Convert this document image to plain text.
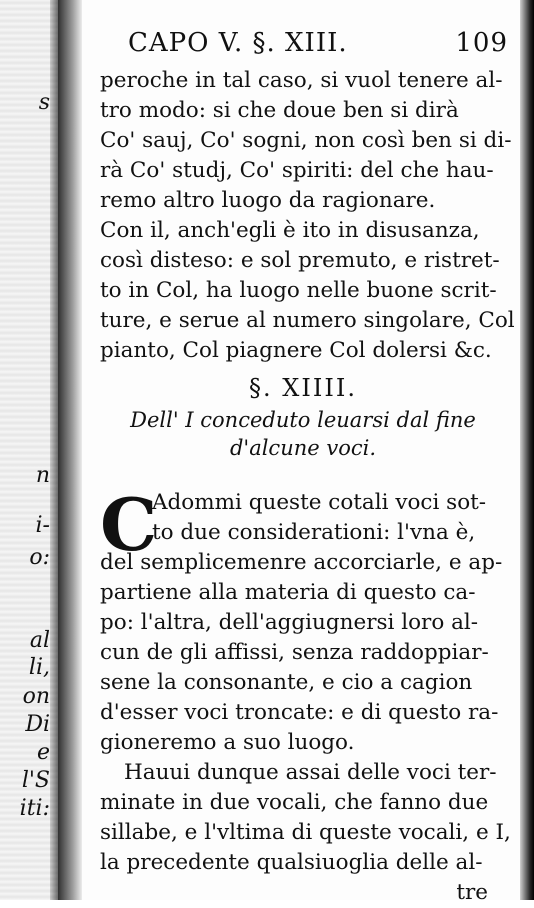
s
n
i-
o:
al
li,
on
Di
e
l'S
iti:
CAPO V. §. XIII.	109
peroche in tal caso, si vuol tenere al-
tro modo: si che doue ben si dirà
Co' sauj, Co' sogni, non così ben si di-
rà Co' studj, Co' spiriti: del che hau-
remo altro luogo da ragionare.
Con il, anch'egli è ito in disusanza,
così disteso: e sol premuto, e ristret-
to in Col, ha luogo nelle buone scrit-
ture, e serue al numero singolare, Col
pianto, Col piagnere Col dolersi &c.
§. XIIII.
Dell' I conceduto leuarsi dal fine
d'alcune voci.
C
Adommi queste cotali voci sot-
to due considerationi: l'vna è,
del semplicemenre accorciarle, e ap-
partiene alla materia di questo ca-
po: l'altra, dell'aggiugnersi loro al-
cun de gli affissi, senza raddoppiar-
sene la consonante, e cio a cagion
d'esser voci troncate: e di questo ra-
gioneremo a suo luogo.
Hauui dunque assai delle voci ter-
minate in due vocali, che fanno due
sillabe, e l'vltima di queste vocali, e I,
la precedente qualsiuoglia delle al-
tre
